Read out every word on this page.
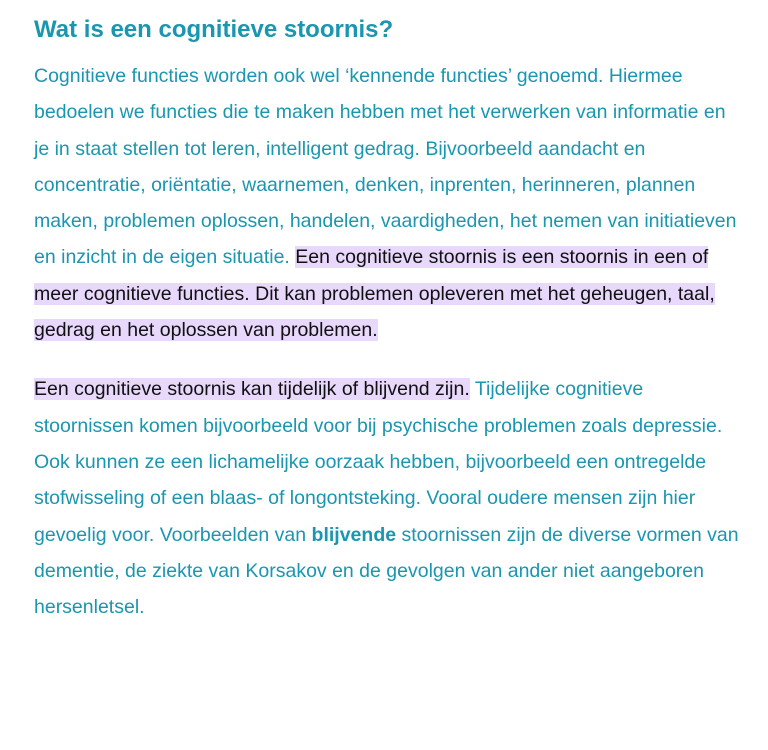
Wat is een cognitieve stoornis?

Cognitieve functies worden ook wel ‘kennende functies’ genoemd. Hiermee bedoelen we functies die te maken hebben met het verwerken van informatie en je in staat stellen tot leren, intelligent gedrag. Bijvoorbeeld aandacht en concentratie, oriëntatie, waarnemen, denken, inprenten, herinneren, plannen maken, problemen oplossen, handelen, vaardigheden, het nemen van initiatieven en inzicht in de eigen situatie. Een cognitieve stoornis is een stoornis in een of meer cognitieve functies. Dit kan problemen opleveren met het geheugen, taal, gedrag en het oplossen van problemen.

Een cognitieve stoornis kan tijdelijk of blijvend zijn. Tijdelijke cognitieve stoornissen komen bijvoorbeeld voor bij psychische problemen zoals depressie. Ook kunnen ze een lichamelijke oorzaak hebben, bijvoorbeeld een ontregelde stofwisseling of een blaas- of longontsteking. Vooral oudere mensen zijn hier gevoelig voor. Voorbeelden van blijvende stoornissen zijn de diverse vormen van dementie, de ziekte van Korsakov en de gevolgen van ander niet aangeboren hersenletsel.
